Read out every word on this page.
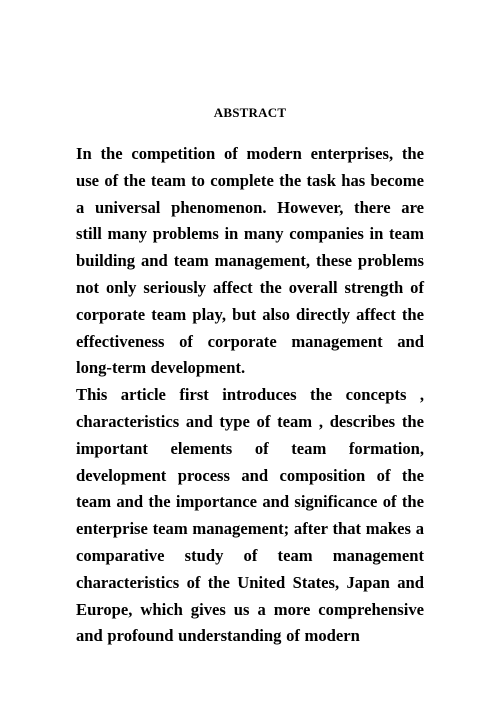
ABSTRACT

In the competition of modern enterprises, the use of the team to complete the task has become a universal phenomenon. However, there are still many problems in many companies in team building and team management, these problems not only seriously affect the overall strength of corporate team play, but also directly affect the effectiveness of corporate management and long-term development.

This article first introduces the concepts , characteristics and type of team , describes the important elements of team formation, development process and composition of the team and the importance and significance of the enterprise team management; after that makes a comparative study of team management characteristics of the United States, Japan and Europe, which gives us a more comprehensive and profound understanding of modern
